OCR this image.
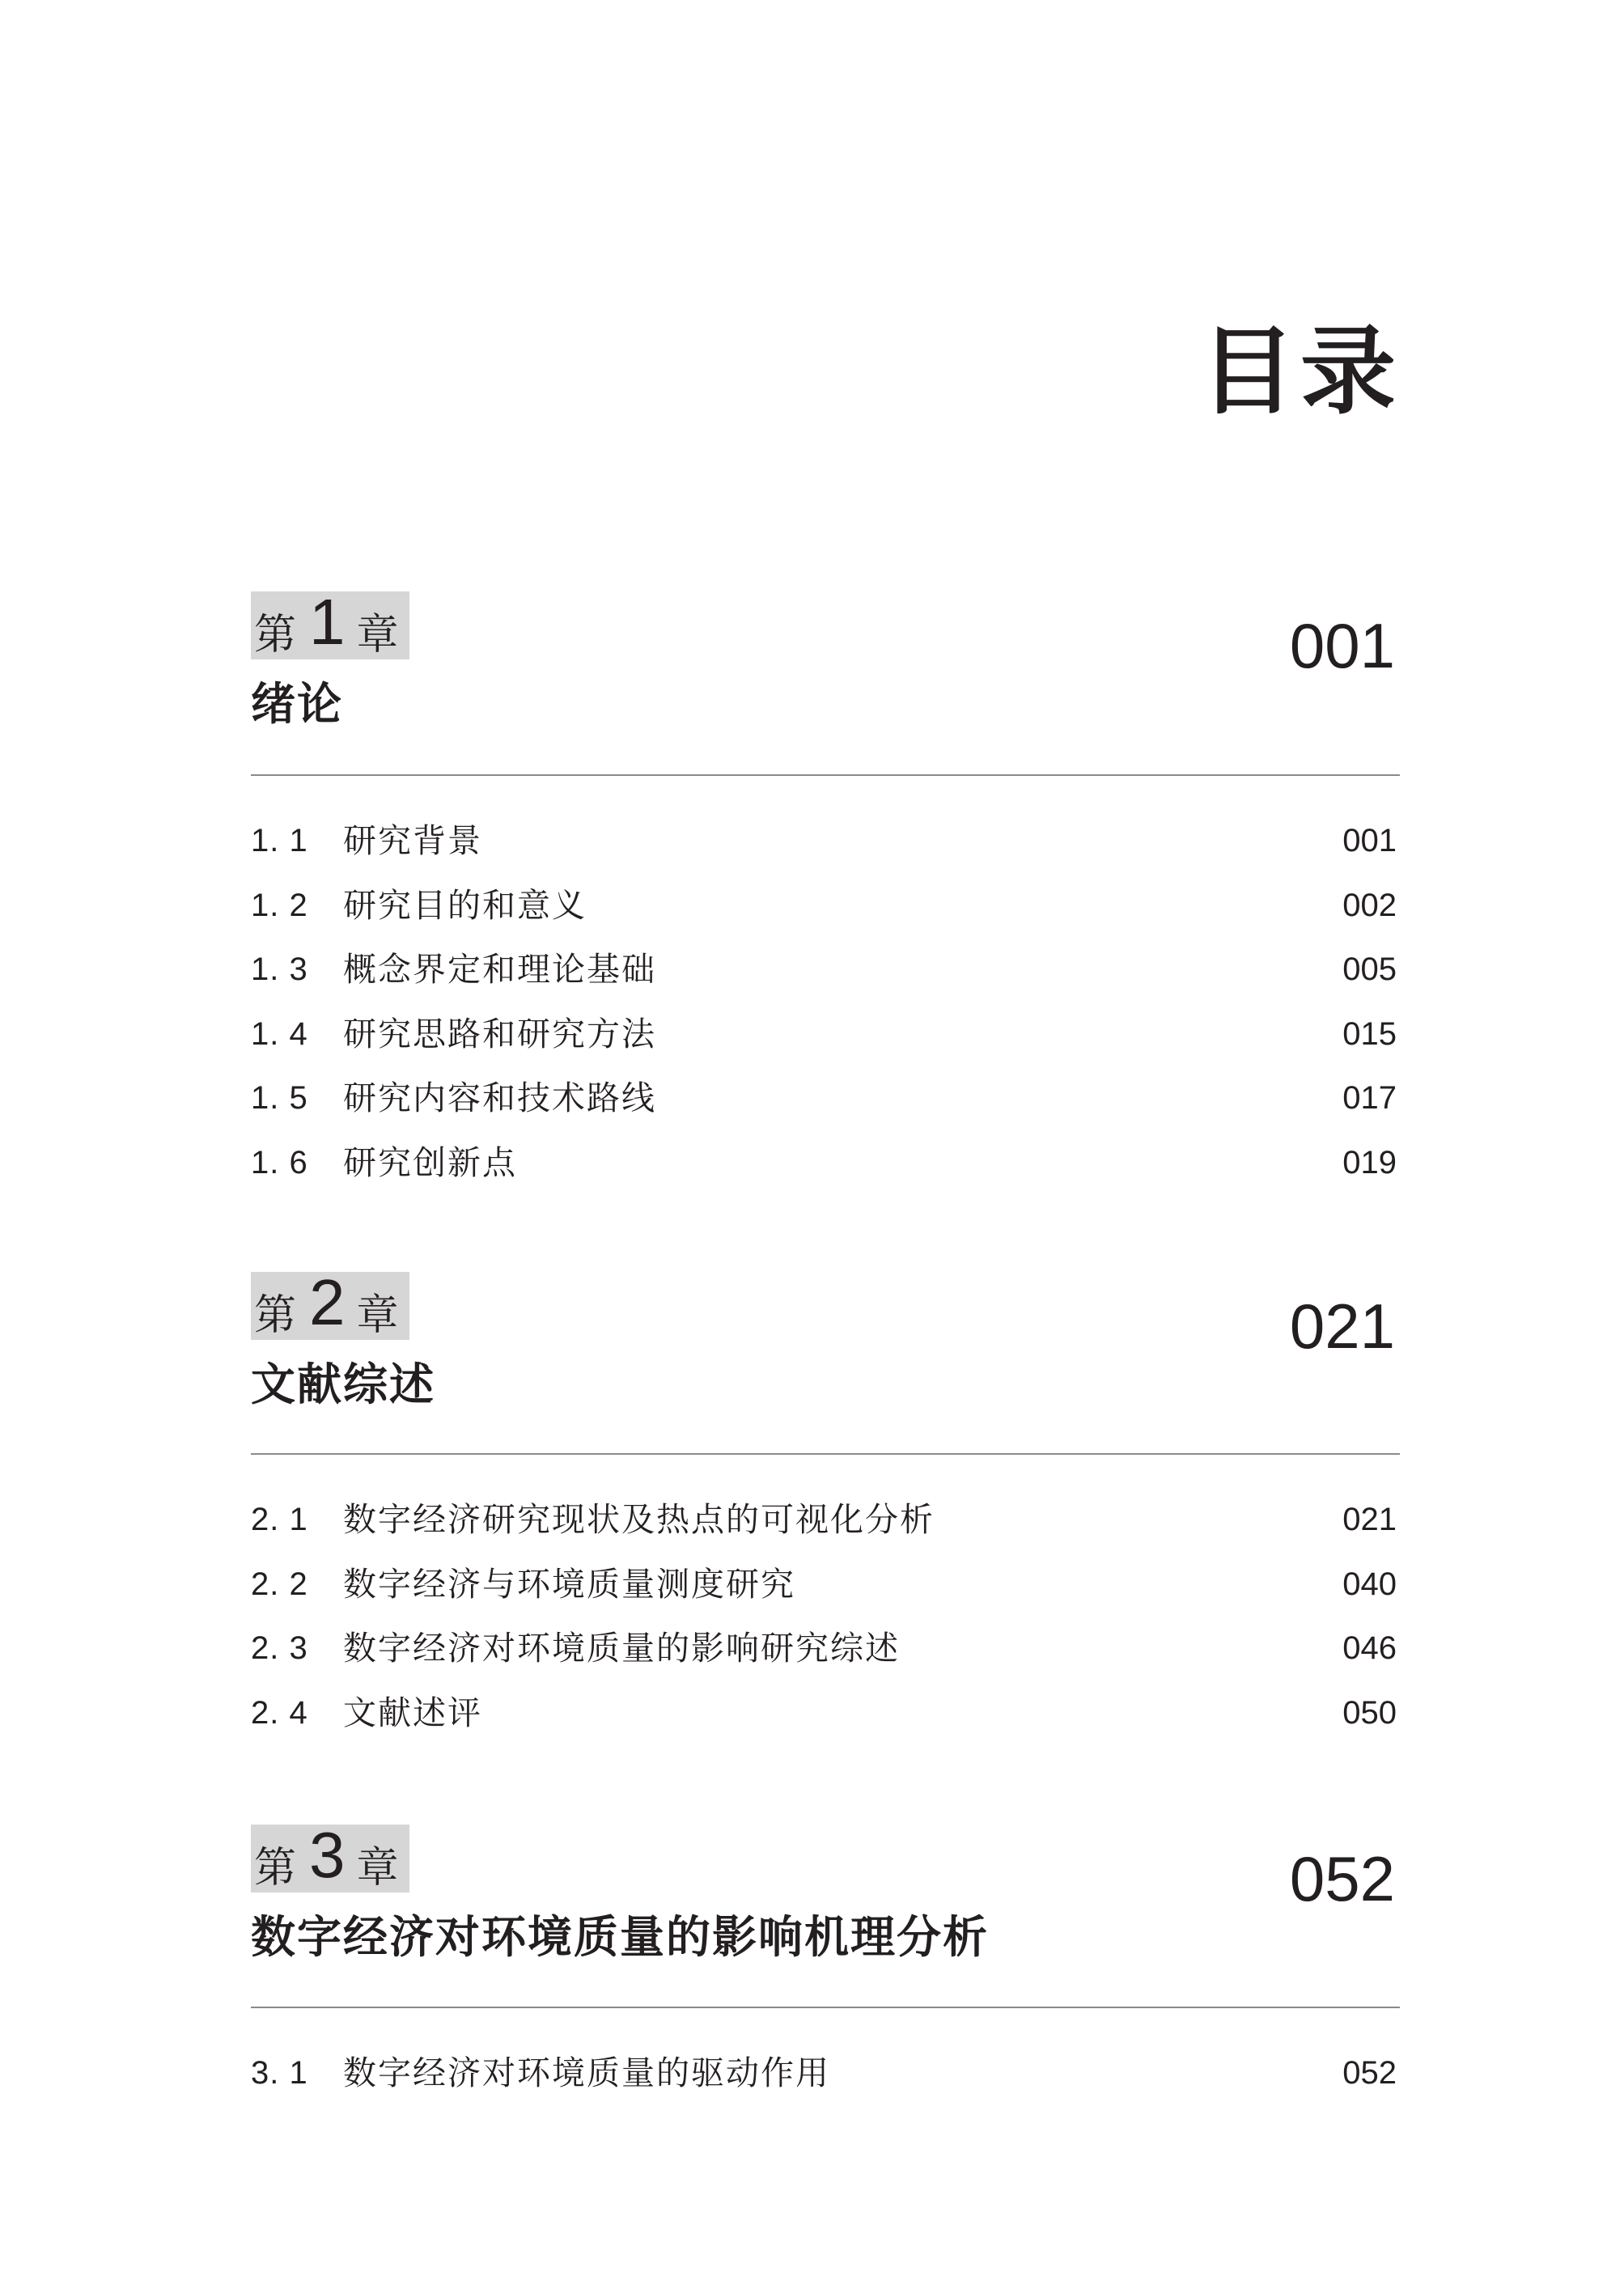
目录
第 1 章
绪论
001
1. 1 研究背景	001
1. 2 研究目的和意义	002
1. 3 概念界定和理论基础	005
1. 4 研究思路和研究方法	015
1. 5 研究内容和技术路线	017
1. 6 研究创新点	019
第 2 章
文献综述
021
2. 1 数字经济研究现状及热点的可视化分析	021
2. 2 数字经济与环境质量测度研究	040
2. 3 数字经济对环境质量的影响研究综述	046
2. 4 文献述评	050
第 3 章
数字经济对环境质量的影响机理分析
052
3. 1 数字经济对环境质量的驱动作用	052
